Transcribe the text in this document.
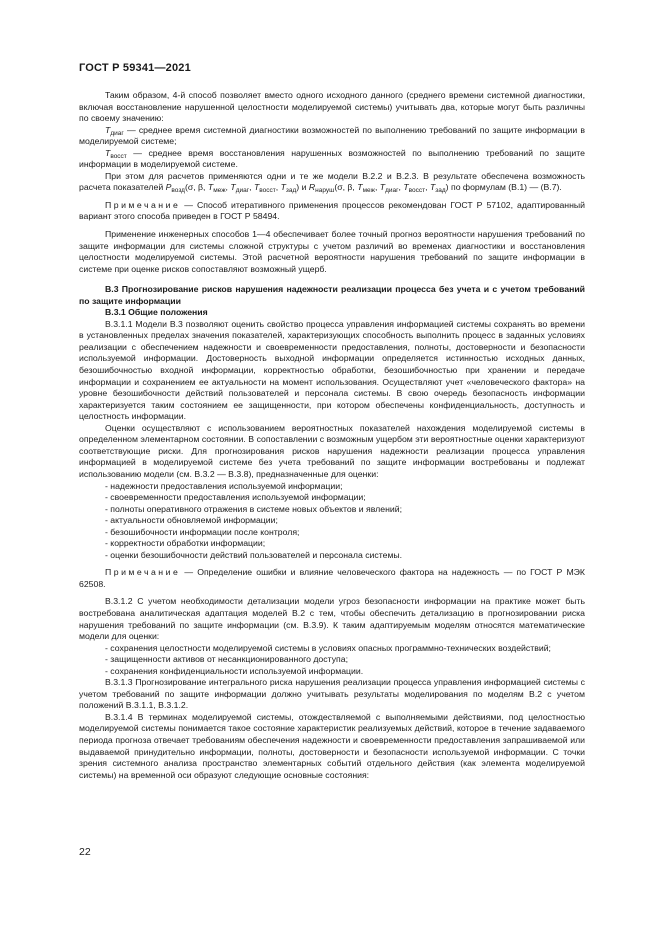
ГОСТ Р 59341—2021

Таким образом, 4-й способ позволяет вместо одного исходного данного (среднего времени системной диагностики, включая восстановление нарушенной целостности моделируемой системы) учитывать два, которые могут быть различны по своему значению:

$T_{диаг}$ — среднее время системной диагностики возможностей по выполнению требований по защите информации в моделируемой системе;

$T_{восст}$ — среднее время восстановления нарушенных возможностей по выполнению требований по защите информации в моделируемой системе.

При этом для расчетов применяются одни и те же модели В.2.2 и В.2.3. В результате обеспечена возможность расчета показателей $P_{возд}(\sigma$, β, $T_{меж}$, $T_{диаг}$, $T_{восст}$, $T_{зад}$) и $R_{наруш}(\sigma$, β, $T_{меж}$, $T_{диаг}$, $T_{восст}$, $T_{зад}$) по формулам (В.1) — (В.7).

Примечание — Способ итеративного применения процессов рекомендован ГОСТ Р 57102, адаптированный вариант этого способа приведен в ГОСТ Р 58494.

Применение инженерных способов 1—4 обеспечивает более точный прогноз вероятности нарушения требований по защите информации для системы сложной структуры с учетом различий во временах диагностики и восстановления целостности моделируемой системы. Этой расчетной вероятности нарушения требований по защите информации в системе при оценке рисков сопоставляют возможный ущерб.

В.3 Прогнозирование рисков нарушения надежности реализации процесса без учета и с учетом требований по защите информации

В.3.1 Общие положения

В.3.1.1 Модели В.3 позволяют оценить свойство процесса управления информацией системы сохранять во времени в установленных пределах значения показателей, характеризующих способность выполнить процесс в заданных условиях реализации с обеспечением надежности и своевременности предоставления, полноты, достоверности и безопасности используемой информации. Достоверность выходной информации определяется истинностью исходных данных, безошибочностью входной информации, корректностью обработки, безошибочностью при хранении и передаче информации и сохранением ее актуальности на момент использования. Осуществляют учет «человеческого фактора» на уровне безошибочности действий пользователей и персонала системы. В свою очередь безопасность информации характеризуется таким состоянием ее защищенности, при котором обеспечены конфиденциальность, доступность и целостность информации.

Оценки осуществляют с использованием вероятностных показателей нахождения моделируемой системы в определенном элементарном состоянии. В сопоставлении с возможным ущербом эти вероятностные оценки характеризуют соответствующие риски. Для прогнозирования рисков нарушения надежности реализации процесса управления информацией в моделируемой системе без учета требований по защите информации востребованы и подлежат использованию модели (см. В.3.2 — В.3.8), предназначенные для оценки:

- надежности предоставления используемой информации;

- своевременности предоставления используемой информации;

- полноты оперативного отражения в системе новых объектов и явлений;

- актуальности обновляемой информации;

- безошибочности информации после контроля;

- корректности обработки информации;

- оценки безошибочности действий пользователей и персонала системы.

Примечание — Определение ошибки и влияние человеческого фактора на надежность — по ГОСТ Р МЭК 62508.

В.3.1.2 С учетом необходимости детализации модели угроз безопасности информации на практике может быть востребована аналитическая адаптация моделей В.2 с тем, чтобы обеспечить детализацию в прогнозировании риска нарушения требований по защите информации (см. В.3.9). К таким адаптируемым моделям относятся математические модели для оценки:

- сохранения целостности моделируемой системы в условиях опасных программно-технических воздействий;

- защищенности активов от несанкционированного доступа;

- сохранения конфиденциальности используемой информации.

В.3.1.3 Прогнозирование интегрального риска нарушения реализации процесса управления информацией системы с учетом требований по защите информации должно учитывать результаты моделирования по моделям В.2 с учетом положений В.3.1.1, В.3.1.2.

В.3.1.4 В терминах моделируемой системы, отождествляемой с выполняемыми действиями, под целостностью моделируемой системы понимается такое состояние характеристик реализуемых действий, которое в течение задаваемого периода прогноза отвечает требованиям обеспечения надежности и своевременности предоставления запрашиваемой или выдаваемой принудительно информации, полноты, достоверности и безопасности используемой информации. С точки зрения системного анализа пространство элементарных событий отдельного действия (как элемента моделируемой системы) на временной оси образуют следующие основные состояния:

22
